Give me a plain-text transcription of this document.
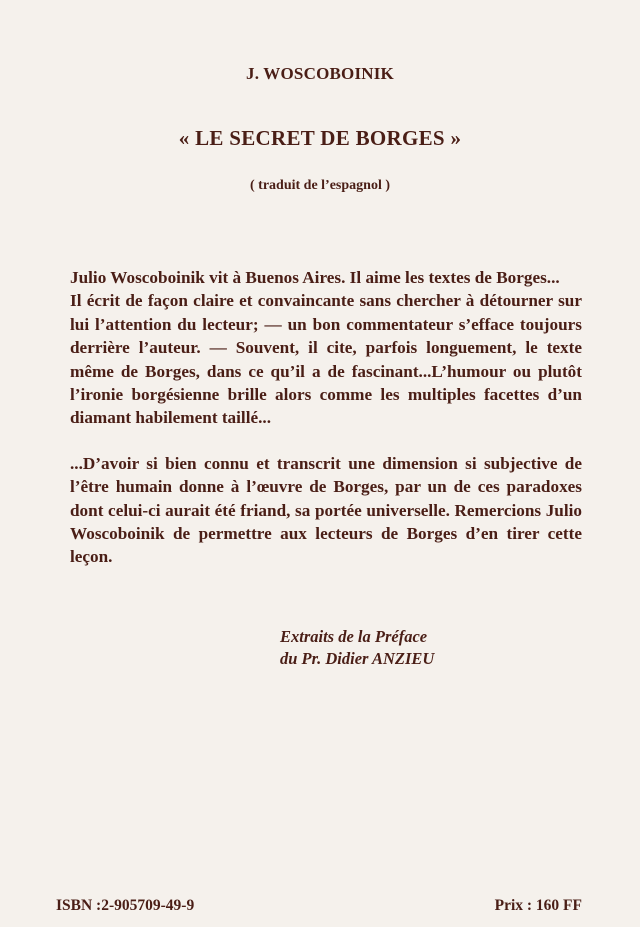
J. WOSCOBOINIK
« LE SECRET DE BORGES »
( traduit de l’espagnol )

Julio Woscoboinik vit à Buenos Aires. Il aime les textes de Borges...

Il écrit de façon claire et convaincante sans chercher à détourner sur lui l’attention du lecteur; — un bon commentateur s’efface toujours derrière l’auteur. — Souvent, il cite, parfois longuement, le texte même de Borges, dans ce qu’il a de fascinant...L’humour ou plutôt l’ironie borgésienne brille alors comme les multiples facettes d’un diamant habilement taillé...

...D’avoir si bien connu et transcrit une dimension si subjective de l’être humain donne à l’œuvre de Borges, par un de ces paradoxes dont celui-ci aurait été friand, sa portée universelle. Remercions Julio Woscoboinik de permettre aux lecteurs de Borges d’en tirer cette leçon.

Extraits de la Préface
du Pr. Didier ANZIEU
ISBN :2-905709-49-9	Prix : 160 FF
